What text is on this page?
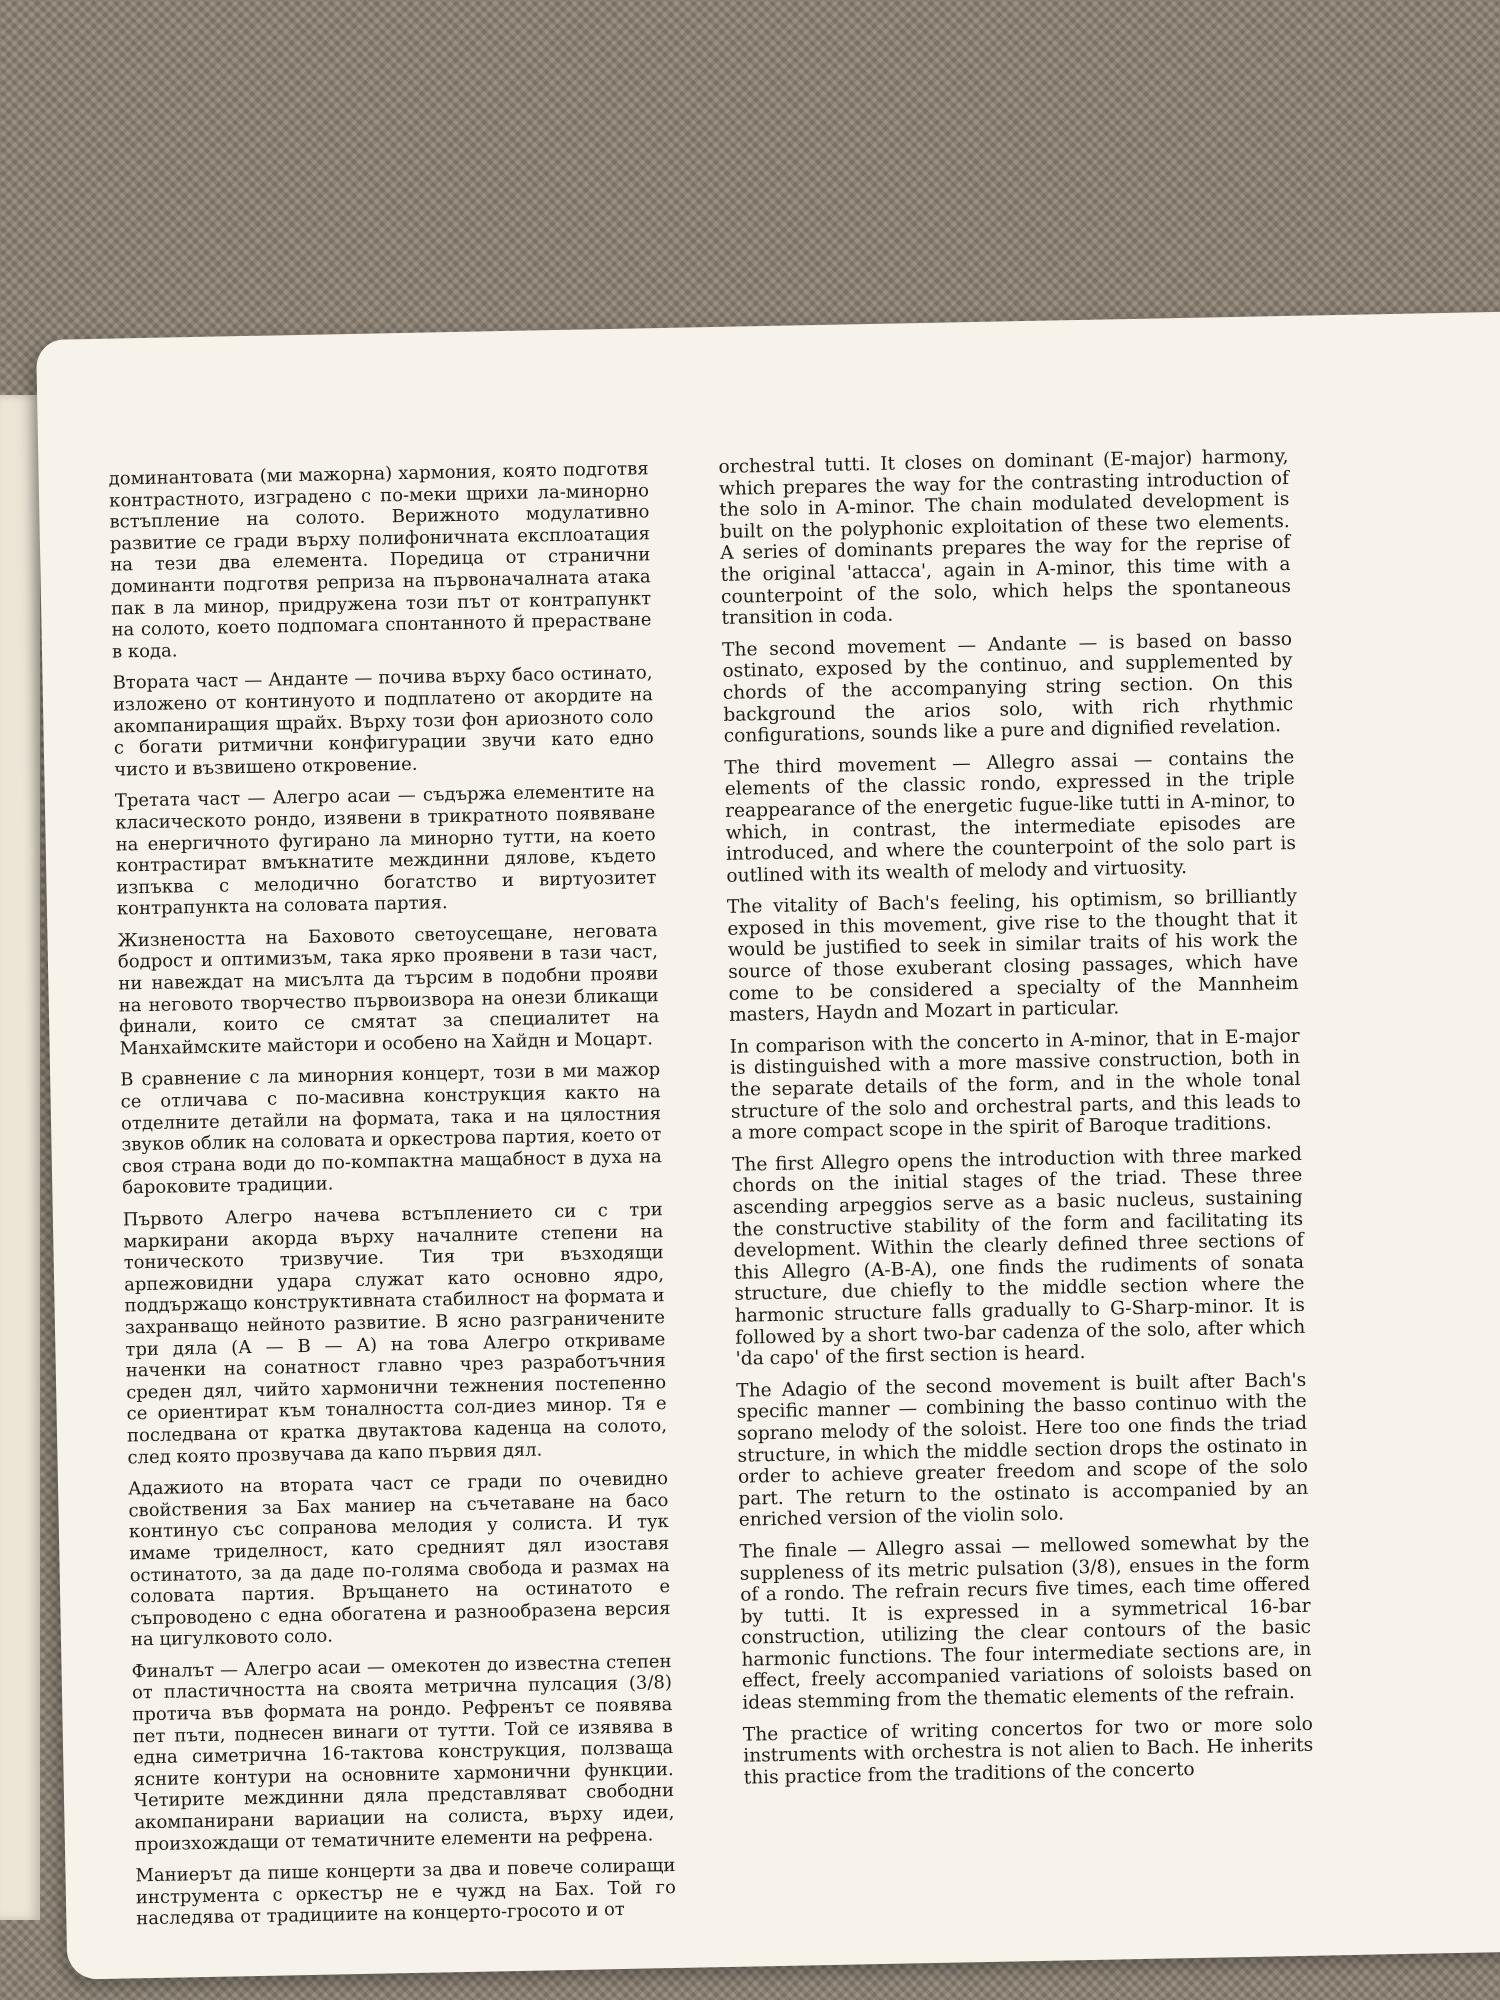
доминантовата (ми мажорна) хармония, която подготвя контрастното, изградено с по-меки щрихи ла-минорно встъпление на солото. Верижното модулативно развитие се гради върху полифоничната експлоатация на тези два елемента. Поредица от странични доминанти подготвя реприза на първоначалната атака пак в ла минор, придружена този път от контрапункт на солото, което подпомага спонтанното й прерастване в кода.

Втората част — Анданте — почива върху басо остинато, изложено от континуото и подплатено от акордите на акомпаниращия щрайх. Върху този фон ариозното соло с богати ритмични конфигурации звучи като едно чисто и възвишено откровение.

Третата част — Алегро асаи — съдържа елементите на класическото рондо, изявени в трикратното появяване на енергичното фугирано ла минорно тутти, на което контрастират вмъкнатите междинни дялове, където изпъква с мелодично богатство и виртуозитет контрапункта на соловата партия.

Жизнеността на Баховото светоусещане, неговата бодрост и оптимизъм, така ярко проявени в тази част, ни навеждат на мисълта да търсим в подобни прояви на неговото творчество първоизвора на онези бликащи финали, които се смятат за специалитет на Манхаймските майстори и особено на Хайдн и Моцарт.

В сравнение с ла минорния концерт, този в ми мажор се отличава с по-масивна конструкция както на отделните детайли на формата, така и на цялостния звуков облик на соловата и оркестрова партия, което от своя страна води до по-компактна мащабност в духа на бароковите традиции.

Първото Алегро начева встъплението си с три маркирани акорда върху началните степени на тоническото тризвучие. Тия три възходящи арпежовидни удара служат като основно ядро, поддържащо конструктивната стабилност на формата и захранващо нейното развитие. В ясно разграничените три дяла (А — В — А) на това Алегро откриваме наченки на сонатност главно чрез разработъчния среден дял, чийто хармонични тежнения постепенно се ориентират към тоналността сол-диез минор. Тя е последвана от кратка двутактова каденца на солото, след която прозвучава да капо първия дял.

Адажиото на втората част се гради по очевидно свойствения за Бах маниер на съчетаване на басо континуо със сопранова мелодия у солиста. И тук имаме триделност, като средният дял изоставя остинатото, за да даде по-голяма свобода и размах на соловата партия. Връщането на остинатото е съпроводено с една обогатена и разнообразена версия на цигулковото соло.

Финалът — Алегро асаи — омекотен до известна степен от пластичността на своята метрична пулсация (3/8) протича във формата на рондо. Рефренът се появява пет пъти, поднесен винаги от тутти. Той се изявява в една симетрична 16-тактова конструкция, ползваща ясните контури на основните хармонични функции. Четирите междинни дяла представляват свободни акомпанирани вариации на солиста, върху идеи, произхождащи от тематичните елементи на рефрена.

Маниерът да пише концерти за два и повече солиращи инструмента с оркестър не е чужд на Бах. Той го наследява от традициите на концерто-гросото и от

orchestral tutti. It closes on dominant (E-major) harmony, which prepares the way for the contrasting introduction of the solo in A-minor. The chain modulated development is built on the polyphonic exploitation of these two elements. A series of dominants prepares the way for the reprise of the original 'attacca', again in A-minor, this time with a counterpoint of the solo, which helps the spontaneous transition in coda.

The second movement — Andante — is based on basso ostinato, exposed by the continuo, and supplemented by chords of the accompanying string section. On this background the arios solo, with rich rhythmic configurations, sounds like a pure and dignified revelation.

The third movement — Allegro assai — contains the elements of the classic rondo, expressed in the triple reappearance of the energetic fugue-like tutti in A-minor, to which, in contrast, the intermediate episodes are introduced, and where the counterpoint of the solo part is outlined with its wealth of melody and virtuosity.

The vitality of Bach's feeling, his optimism, so brilliantly exposed in this movement, give rise to the thought that it would be justified to seek in similar traits of his work the source of those exuberant closing passages, which have come to be considered a specialty of the Mannheim masters, Haydn and Mozart in particular.

In comparison with the concerto in A-minor, that in E-major is distinguished with a more massive construction, both in the separate details of the form, and in the whole tonal structure of the solo and orchestral parts, and this leads to a more compact scope in the spirit of Baroque traditions.

The first Allegro opens the introduction with three marked chords on the initial stages of the triad. These three ascending arpeggios serve as a basic nucleus, sustaining the constructive stability of the form and facilitating its development. Within the clearly defined three sections of this Allegro (A-B-A), one finds the rudiments of sonata structure, due chiefly to the middle section where the harmonic structure falls gradually to G-Sharp-minor. It is followed by a short two-bar cadenza of the solo, after which 'da capo' of the first section is heard.

The Adagio of the second movement is built after Bach's specific manner — combining the basso continuo with the soprano melody of the soloist. Here too one finds the triad structure, in which the middle section drops the ostinato in order to achieve greater freedom and scope of the solo part. The return to the ostinato is accompanied by an enriched version of the violin solo.

The finale — Allegro assai — mellowed somewhat by the suppleness of its metric pulsation (3/8), ensues in the form of a rondo. The refrain recurs five times, each time offered by tutti. It is expressed in a symmetrical 16-bar construction, utilizing the clear contours of the basic harmonic functions. The four intermediate sections are, in effect, freely accompanied variations of soloists based on ideas stemming from the thematic elements of the refrain.

The practice of writing concertos for two or more solo instruments with orchestra is not alien to Bach. He inherits this practice from the traditions of the concerto
